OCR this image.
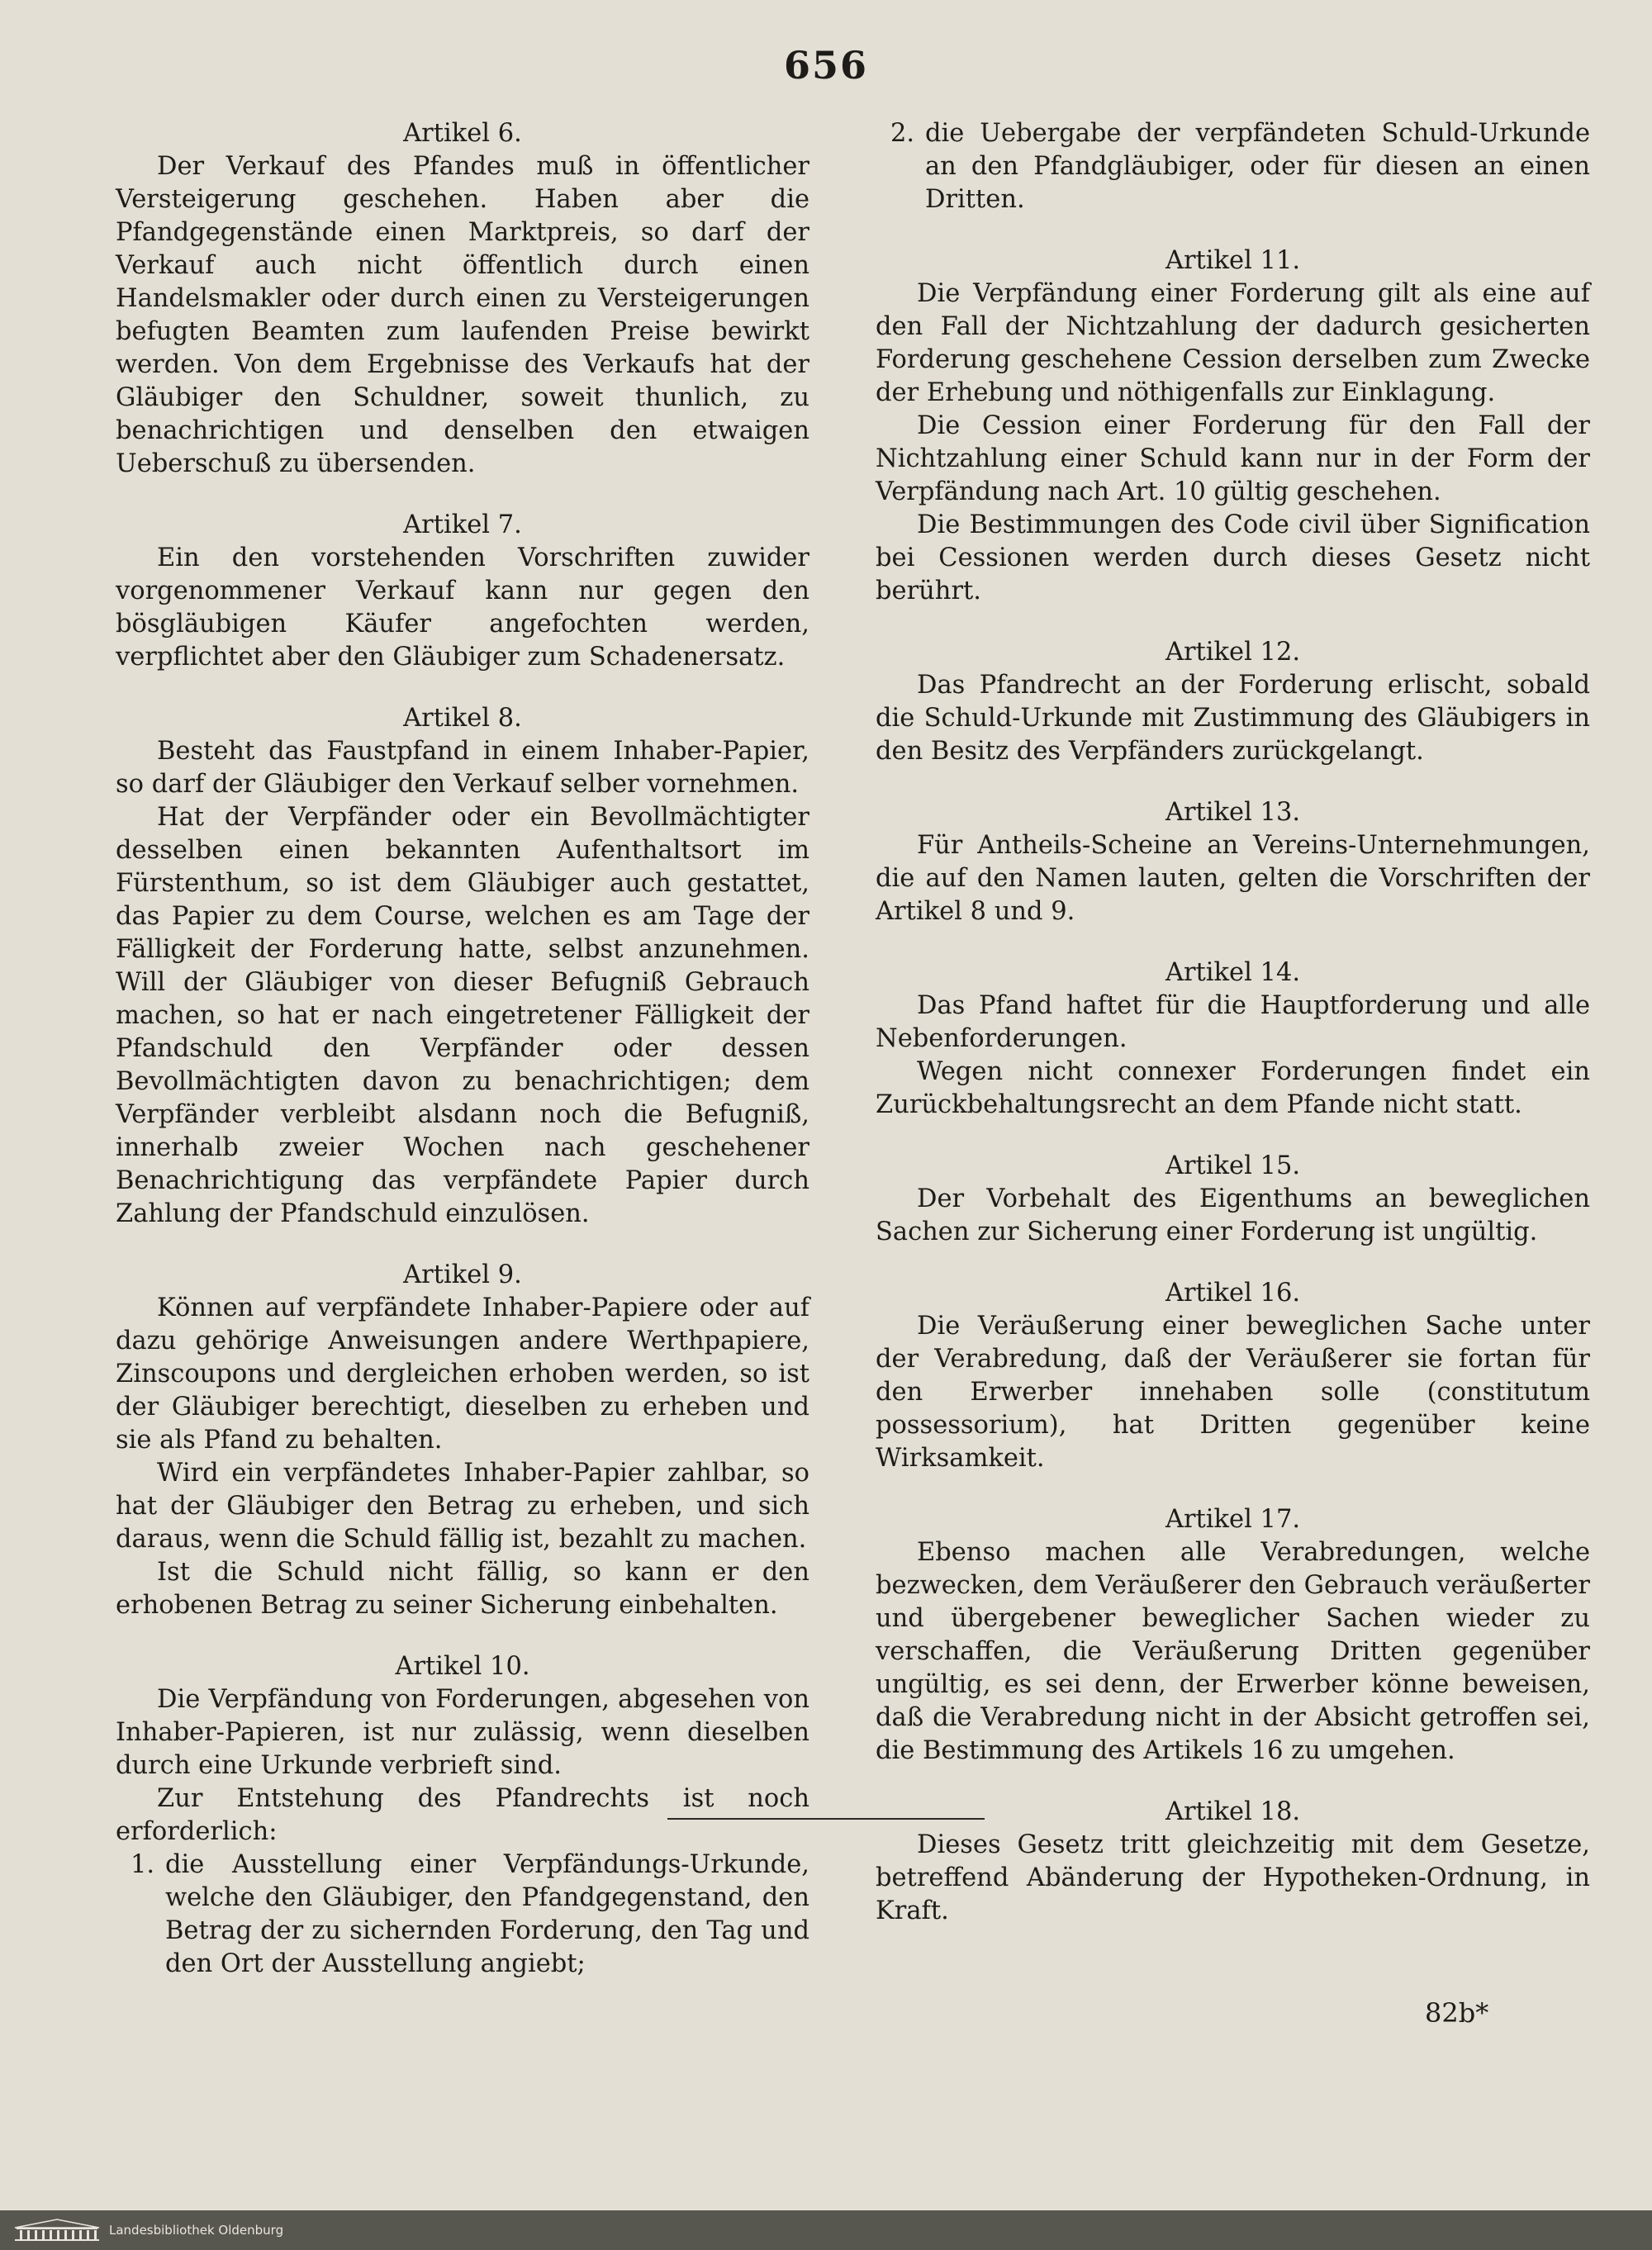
656
Artikel 6.

Der Verkauf des Pfandes muß in öffentlicher Versteigerung geschehen. Haben aber die Pfandgegenstände einen Marktpreis, so darf der Verkauf auch nicht öffentlich durch einen Handelsmakler oder durch einen zu Versteigerungen befugten Beamten zum laufenden Preise bewirkt werden. Von dem Ergebnisse des Verkaufs hat der Gläubiger den Schuldner, soweit thunlich, zu benachrichtigen und denselben den etwaigen Ueberschuß zu übersenden.

Artikel 7.

Ein den vorstehenden Vorschriften zuwider vorgenommener Verkauf kann nur gegen den bösgläubigen Käufer angefochten werden, verpflichtet aber den Gläubiger zum Schadenersatz.

Artikel 8.

Besteht das Faustpfand in einem Inhaber-Papier, so darf der Gläubiger den Verkauf selber vornehmen.

Hat der Verpfänder oder ein Bevollmächtigter desselben einen bekannten Aufenthaltsort im Fürstenthum, so ist dem Gläubiger auch gestattet, das Papier zu dem Course, welchen es am Tage der Fälligkeit der Forderung hatte, selbst anzunehmen. Will der Gläubiger von dieser Befugniß Gebrauch machen, so hat er nach eingetretener Fälligkeit der Pfandschuld den Verpfänder oder dessen Bevollmächtigten davon zu benachrichtigen; dem Verpfänder verbleibt alsdann noch die Befugniß, innerhalb zweier Wochen nach geschehener Benachrichtigung das verpfändete Papier durch Zahlung der Pfandschuld einzulösen.

Artikel 9.

Können auf verpfändete Inhaber-Papiere oder auf dazu gehörige Anweisungen andere Werthpapiere, Zinscoupons und dergleichen erhoben werden, so ist der Gläubiger berechtigt, dieselben zu erheben und sie als Pfand zu behalten.

Wird ein verpfändetes Inhaber-Papier zahlbar, so hat der Gläubiger den Betrag zu erheben, und sich daraus, wenn die Schuld fällig ist, bezahlt zu machen.

Ist die Schuld nicht fällig, so kann er den erhobenen Betrag zu seiner Sicherung einbehalten.

Artikel 10.

Die Verpfändung von Forderungen, abgesehen von Inhaber-Papieren, ist nur zulässig, wenn dieselben durch eine Urkunde verbrieft sind.

Zur Entstehung des Pfandrechts ist noch erforderlich:

1. die Ausstellung einer Verpfändungs-Urkunde, welche den Gläubiger, den Pfandgegenstand, den Betrag der zu sichernden Forderung, den Tag und den Ort der Ausstellung angiebt;
2. die Uebergabe der verpfändeten Schuld-Urkunde an den Pfandgläubiger, oder für diesen an einen Dritten.
Artikel 11.

Die Verpfändung einer Forderung gilt als eine auf den Fall der Nichtzahlung der dadurch gesicherten Forderung geschehene Cession derselben zum Zwecke der Erhebung und nöthigenfalls zur Einklagung.

Die Cession einer Forderung für den Fall der Nichtzahlung einer Schuld kann nur in der Form der Verpfändung nach Art. 10 gültig geschehen.

Die Bestimmungen des Code civil über Signification bei Cessionen werden durch dieses Gesetz nicht berührt.

Artikel 12.

Das Pfandrecht an der Forderung erlischt, sobald die Schuld-Urkunde mit Zustimmung des Gläubigers in den Besitz des Verpfänders zurückgelangt.

Artikel 13.

Für Antheils-Scheine an Vereins-Unternehmungen, die auf den Namen lauten, gelten die Vorschriften der Artikel 8 und 9.

Artikel 14.

Das Pfand haftet für die Hauptforderung und alle Nebenforderungen.

Wegen nicht connexer Forderungen findet ein Zurückbehaltungsrecht an dem Pfande nicht statt.

Artikel 15.

Der Vorbehalt des Eigenthums an beweglichen Sachen zur Sicherung einer Forderung ist ungültig.

Artikel 16.

Die Veräußerung einer beweglichen Sache unter der Verabredung, daß der Veräußerer sie fortan für den Erwerber innehaben solle (constitutum possessorium), hat Dritten gegenüber keine Wirksamkeit.

Artikel 17.

Ebenso machen alle Verabredungen, welche bezwecken, dem Veräußerer den Gebrauch veräußerter und übergebener beweglicher Sachen wieder zu verschaffen, die Veräußerung Dritten gegenüber ungültig, es sei denn, der Erwerber könne beweisen, daß die Verabredung nicht in der Absicht getroffen sei, die Bestimmung des Artikels 16 zu umgehen.

Artikel 18.

Dieses Gesetz tritt gleichzeitig mit dem Gesetze, betreffend Abänderung der Hypotheken-Ordnung, in Kraft.

82b*
Landesbibliothek Oldenburg
